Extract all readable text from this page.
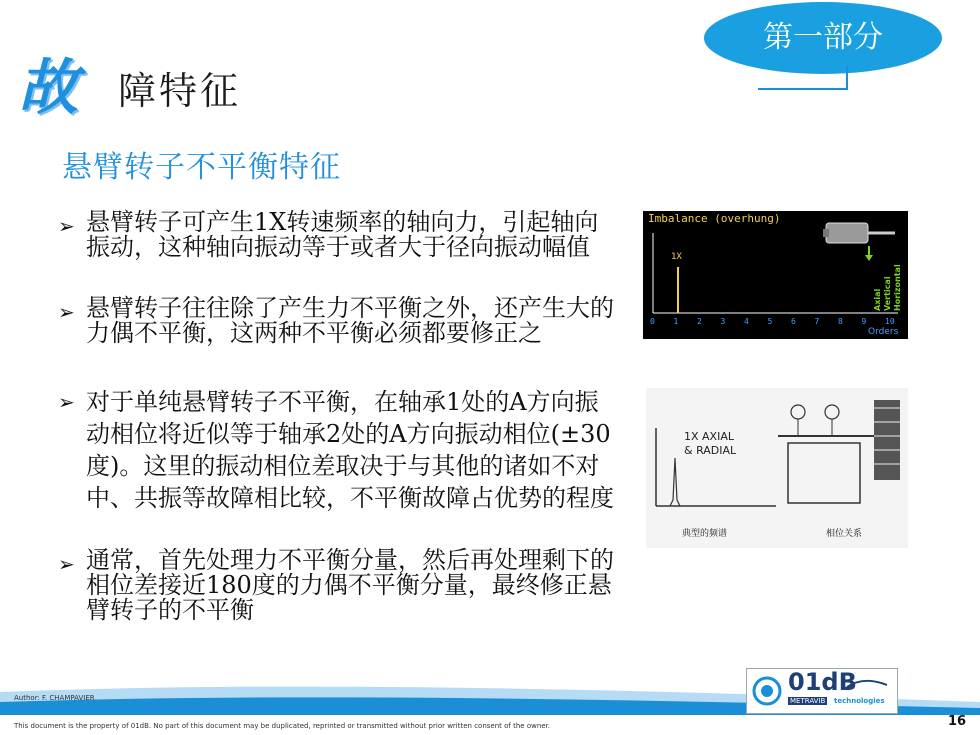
故 障特征
第一部分
悬臂转子不平衡特征
➢ 悬臂转子可产生1X转速频率的轴向力，引起轴向振动，这种轴向振动等于或者大于径向振动幅值
➢ 悬臂转子往往除了产生力不平衡之外，还产生大的力偶不平衡，这两种不平衡必须都要修正之
➢ 对于单纯悬臂转子不平衡，在轴承1处的A方向振动相位将近似等于轴承2处的A方向振动相位(±30度)。这里的振动相位差取决于与其他的诸如不对中、共振等故障相比较，不平衡故障占优势的程度
➢ 通常，首先处理力不平衡分量，然后再处理剩下的相位差接近180度的力偶不平衡分量，最终修正悬臂转子的不平衡
1X
0 1 2 3 4 5 6 7 8 9 10
Orders
Axial Vertical Horizontal
Imbalance (overhung)
1X AXIAL
& RADIAL
典型的频谱	相位关系
Author: F. CHAMPAVIER
This document is the property of 01dB. No part of this document may be duplicated, reprinted or transmitted without prior written consent of the owner.	16
01dB
METRAVIB technologies
